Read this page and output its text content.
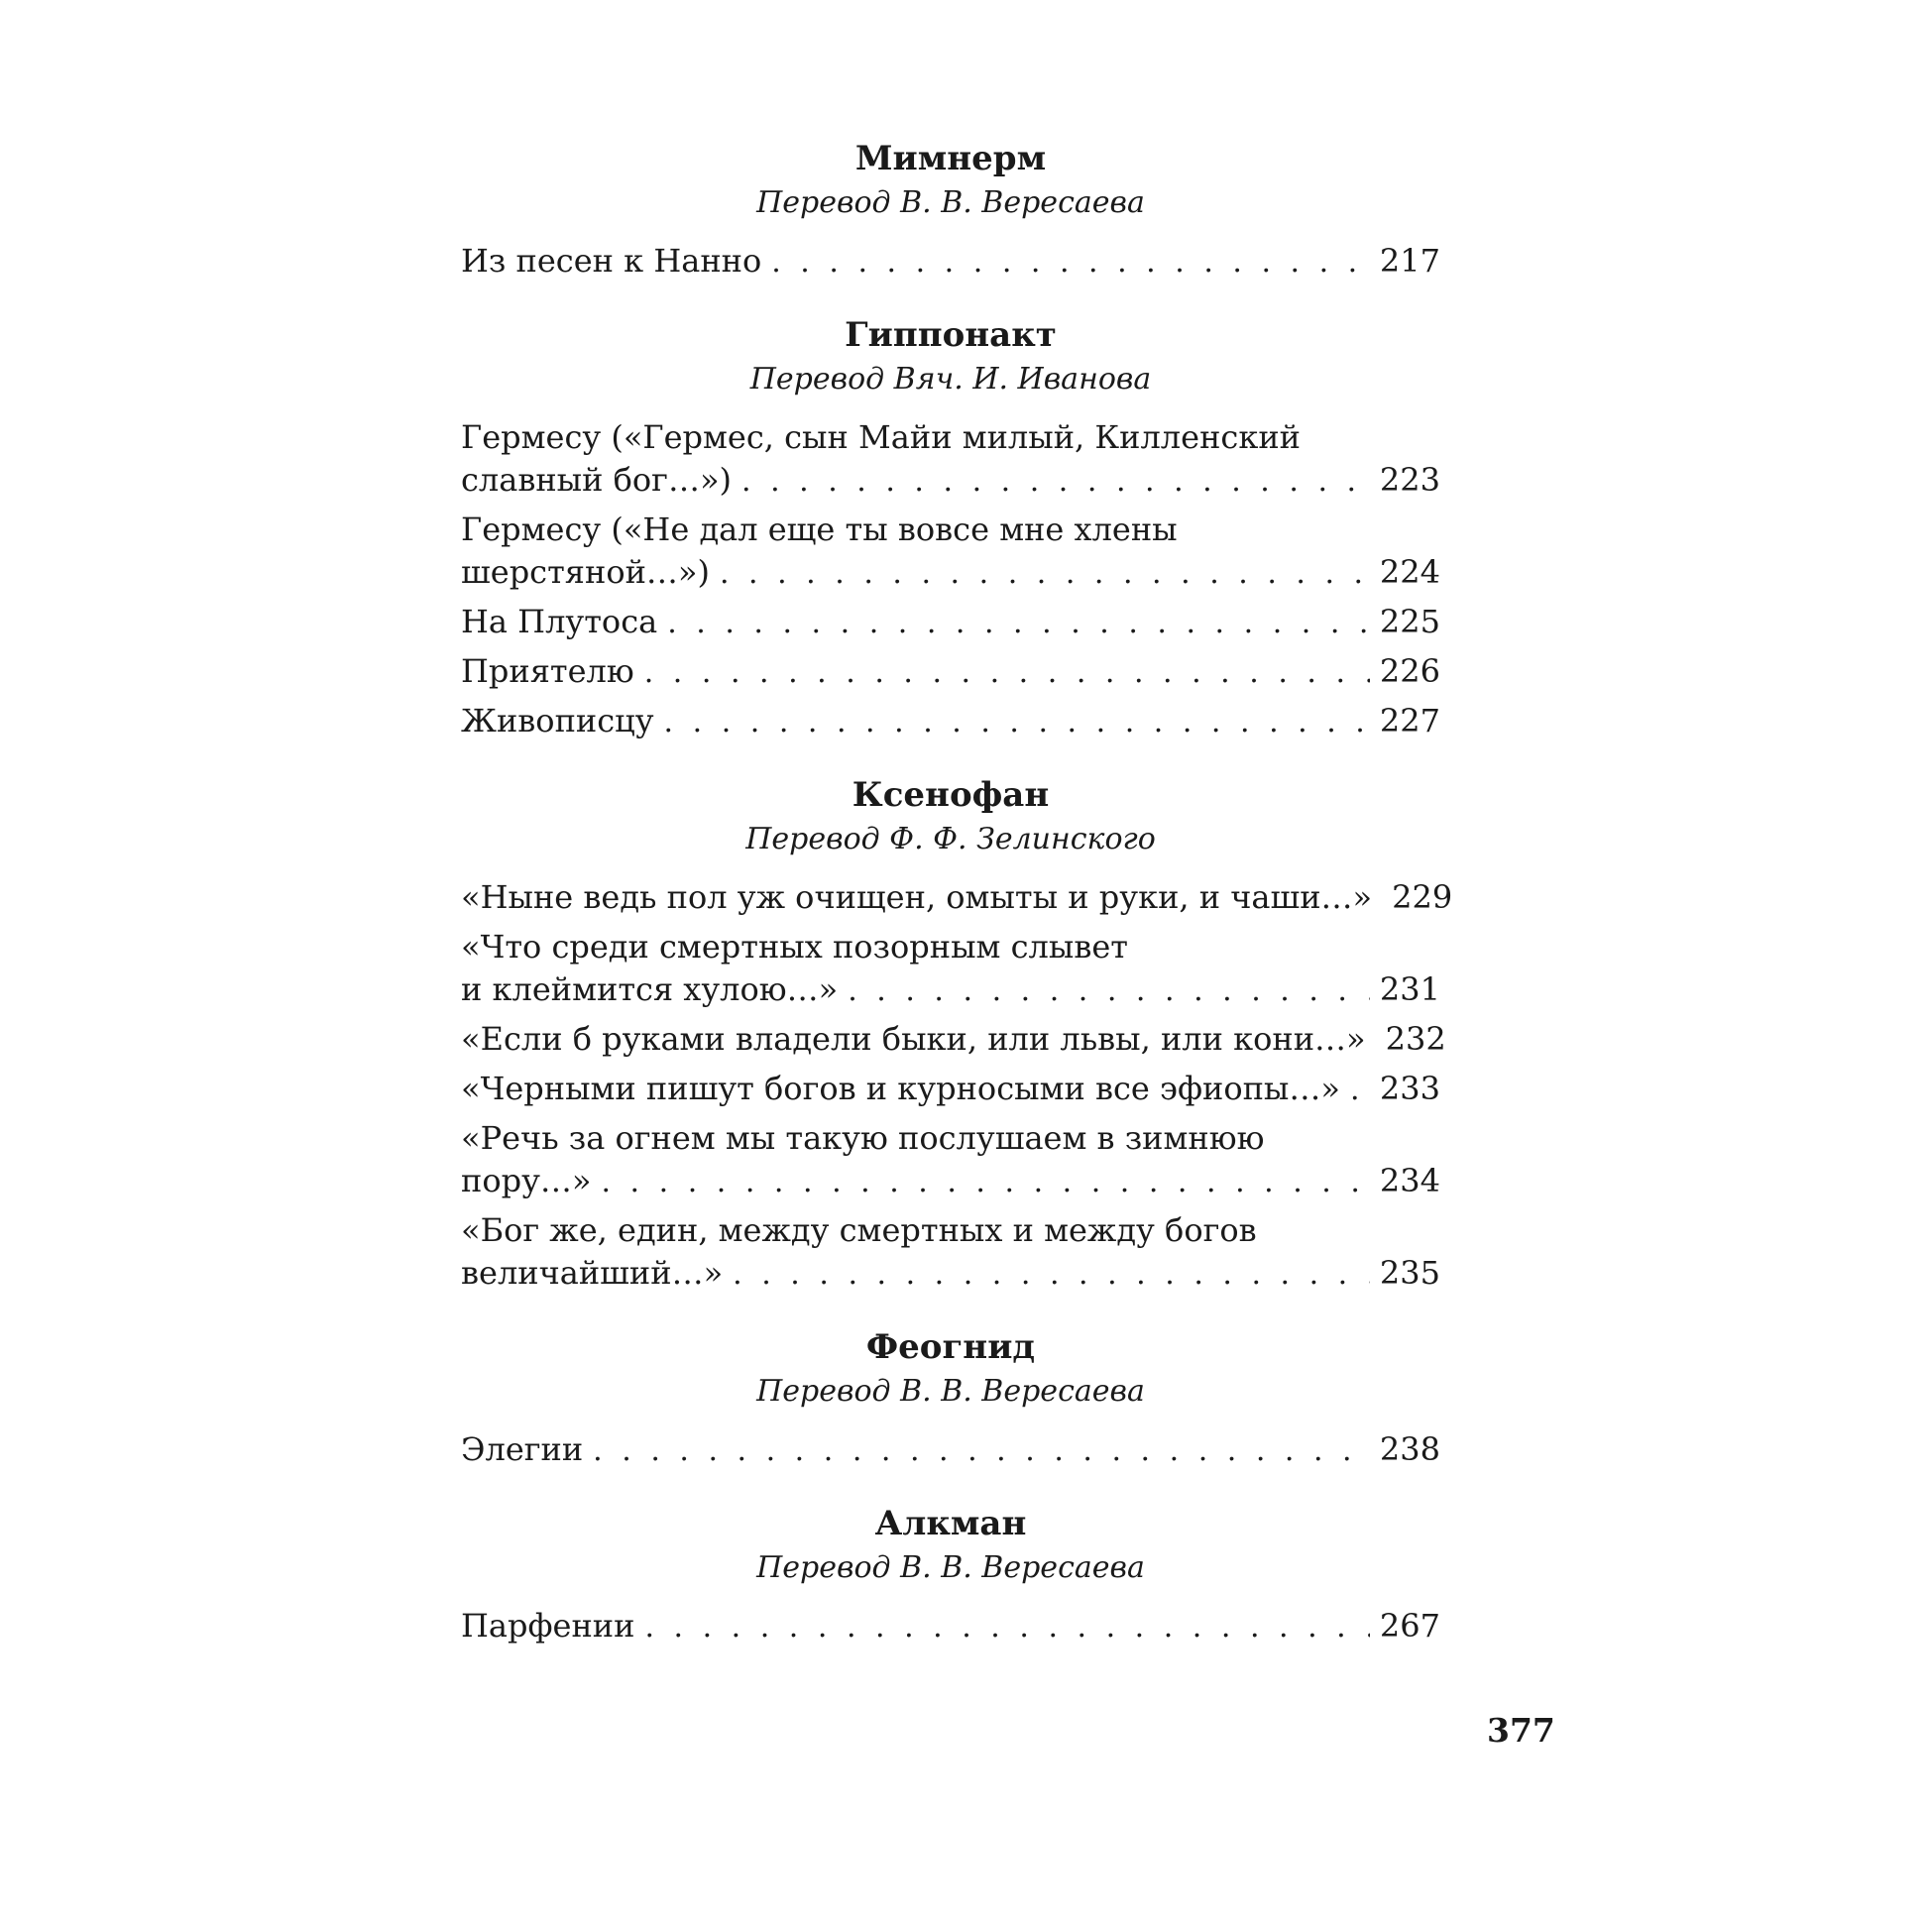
Мимнерм
Перевод В. В. Вересаева
Из песен к Нанно . . .	217
Гиппонакт
Перевод Вяч. И. Иванова
Гермесу («Гермес, сын Майи милый, Килленский
славный бог…») . . .	223
Гермесу («Не дал еще ты вовсе мне хлены
шерстяной…») . . .	224
На Плутоса . . .	225
Приятелю . . .	226
Живописцу . . .	227
Ксенофан
Перевод Ф. Ф. Зелинского
«Ныне ведь пол уж очищен, омыты и руки, и чаши…» 229
«Что среди смертных позорным слывет
и клеймится хулою…» . . .	231
«Если б руками владели быки, или львы, или кони…» 232
«Черными пишут богов и курносыми все эфиопы…» . . . 233
«Речь за огнем мы такую послушаем в зимнюю
пору…» . . .	234
«Бог же, един, между смертных и между богов
величайший…» . . .	235
Феогнид
Перевод В. В. Вересаева
Элегии . . .	238
Алкман
Перевод В. В. Вересаева
Парфении . . .	267
377
